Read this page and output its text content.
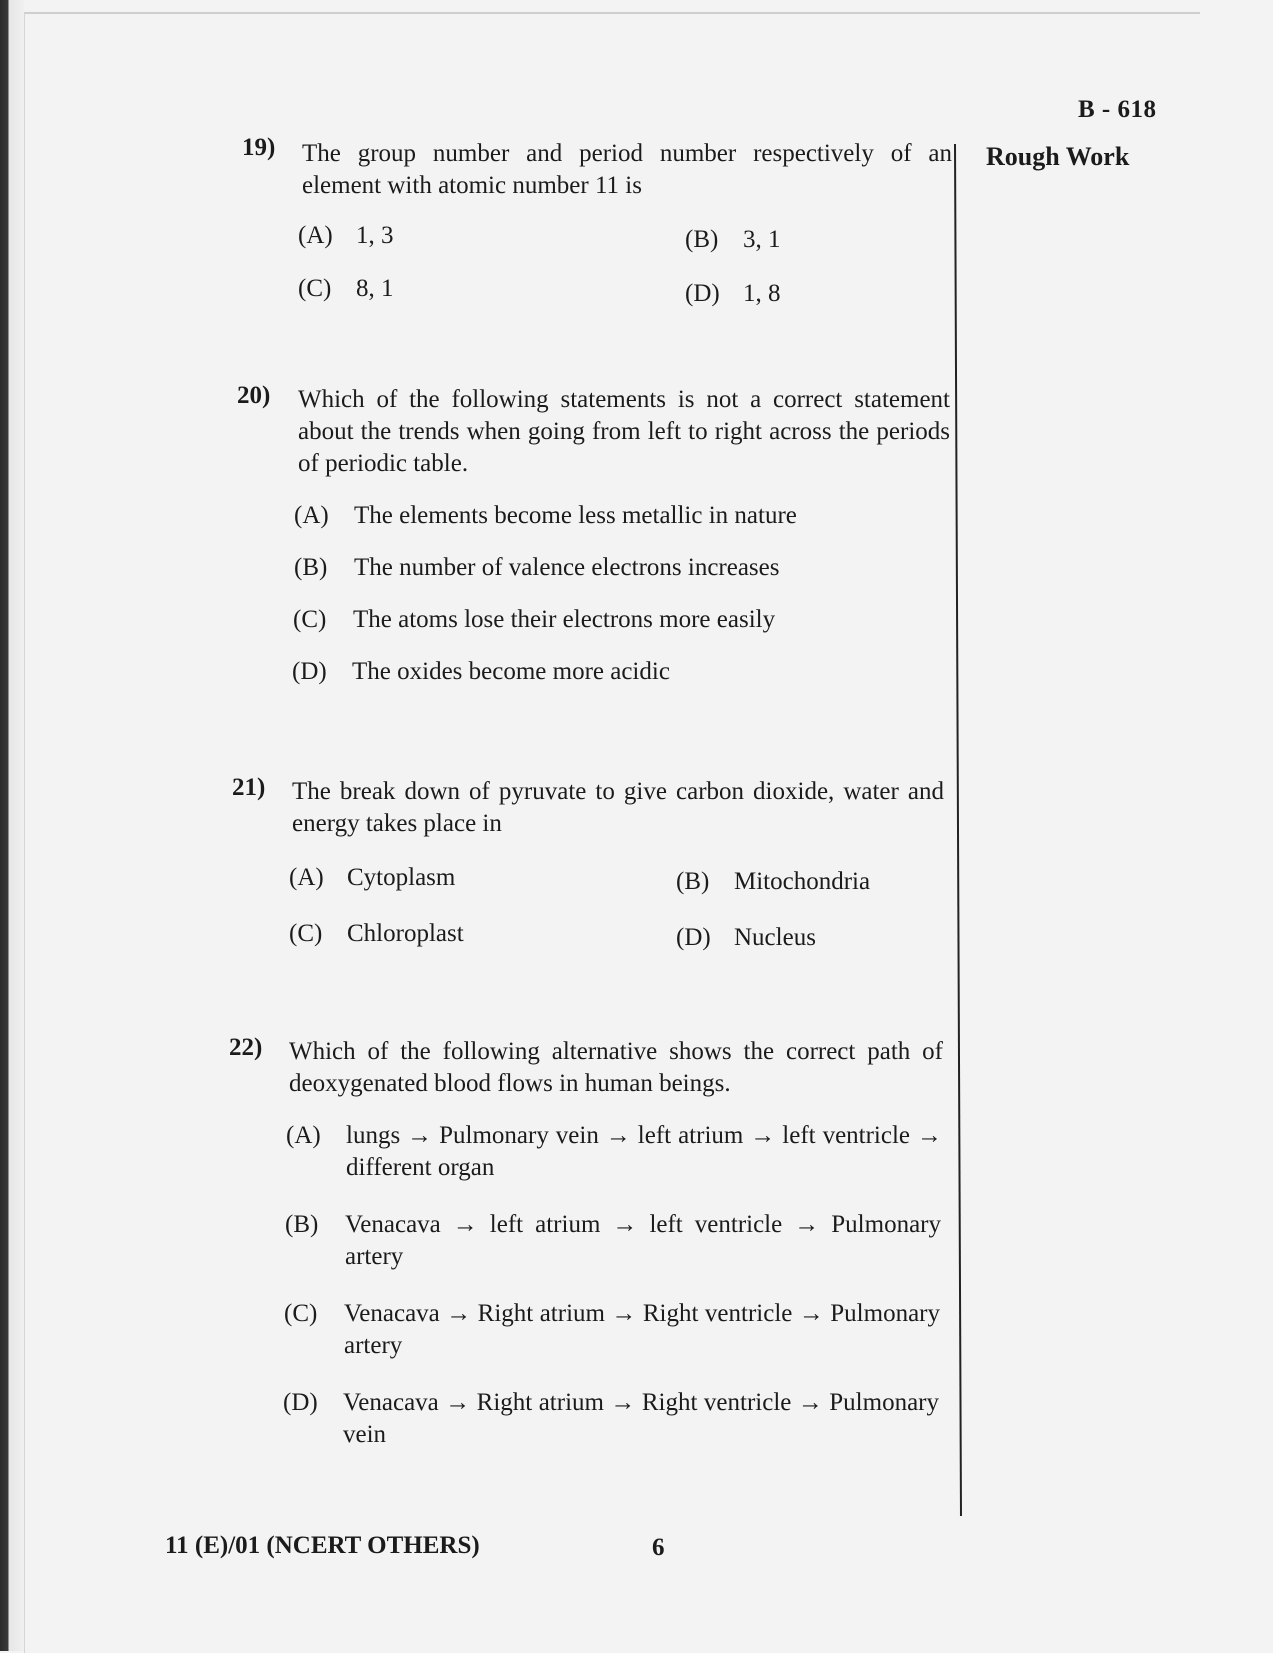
B - 618
Rough Work
19) The group number and period number respectively of an element with atomic number 11 is
(A) 1, 3	(B) 3, 1
(C) 8, 1	(D) 1, 8
20) Which of the following statements is not a correct statement about the trends when going from left to right across the periods of periodic table.
(A)	The elements become less metallic in nature
(B)	The number of valence electrons increases
(C)	The atoms lose their electrons more easily
(D)	The oxides become more acidic
21) The break down of pyruvate to give carbon dioxide, water and energy takes place in
(A) Cytoplasm	(B) Mitochondria
(C) Chloroplast	(D) Nucleus
22) Which of the following alternative shows the correct path of deoxygenated blood flows in human beings.
(A)	lungs → Pulmonary vein → left atrium → left ventricle → different organ
(B)	Venacava → left atrium → left ventricle → Pulmonary artery
(C)	Venacava → Right atrium → Right ventricle → Pulmonary artery
(D)	Venacava → Right atrium → Right ventricle → Pulmonary vein
11 (E)/01 (NCERT OTHERS)	6
